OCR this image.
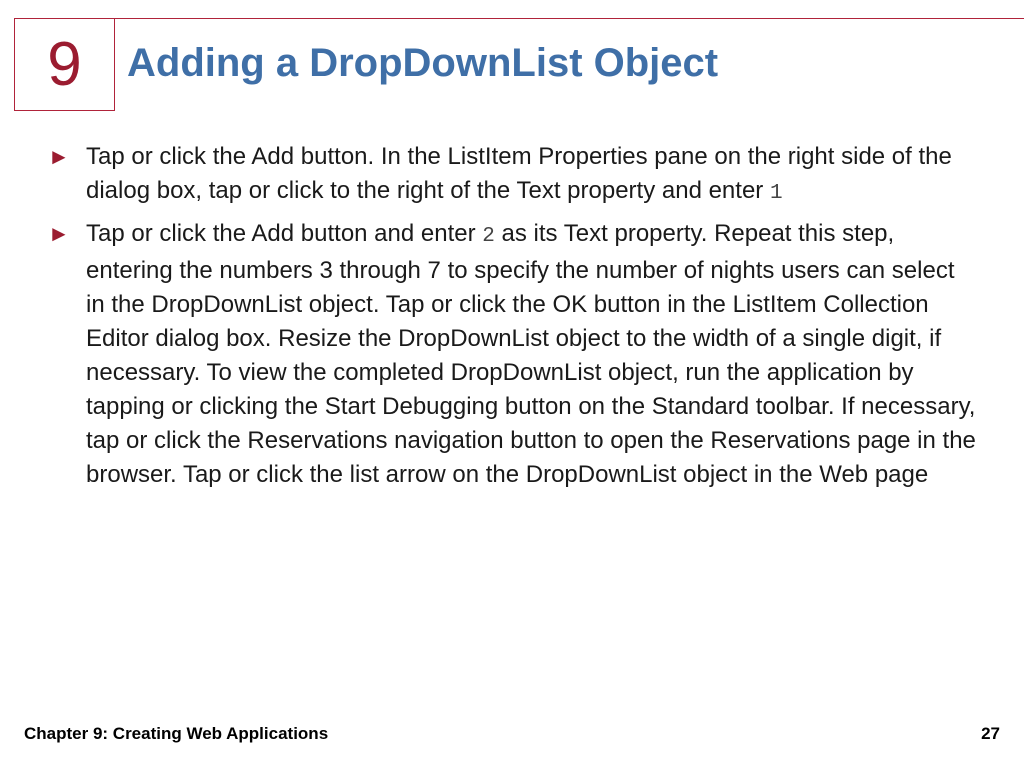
9 Adding a DropDownList Object
► Tap or click the Add button. In the ListItem Properties pane on the right side of the dialog box, tap or click to the right of the Text property and enter 1
► Tap or click the Add button and enter 2 as its Text property. Repeat this step, entering the numbers 3 through 7 to specify the number of nights users can select in the DropDownList object. Tap or click the OK button in the ListItem Collection Editor dialog box. Resize the DropDownList object to the width of a single digit, if necessary. To view the completed DropDownList object, run the application by tapping or clicking the Start Debugging button on the Standard toolbar. If necessary, tap or click the Reservations navigation button to open the Reservations page in the browser. Tap or click the list arrow on the DropDownList object in the Web page
Chapter 9: Creating Web Applications	27
